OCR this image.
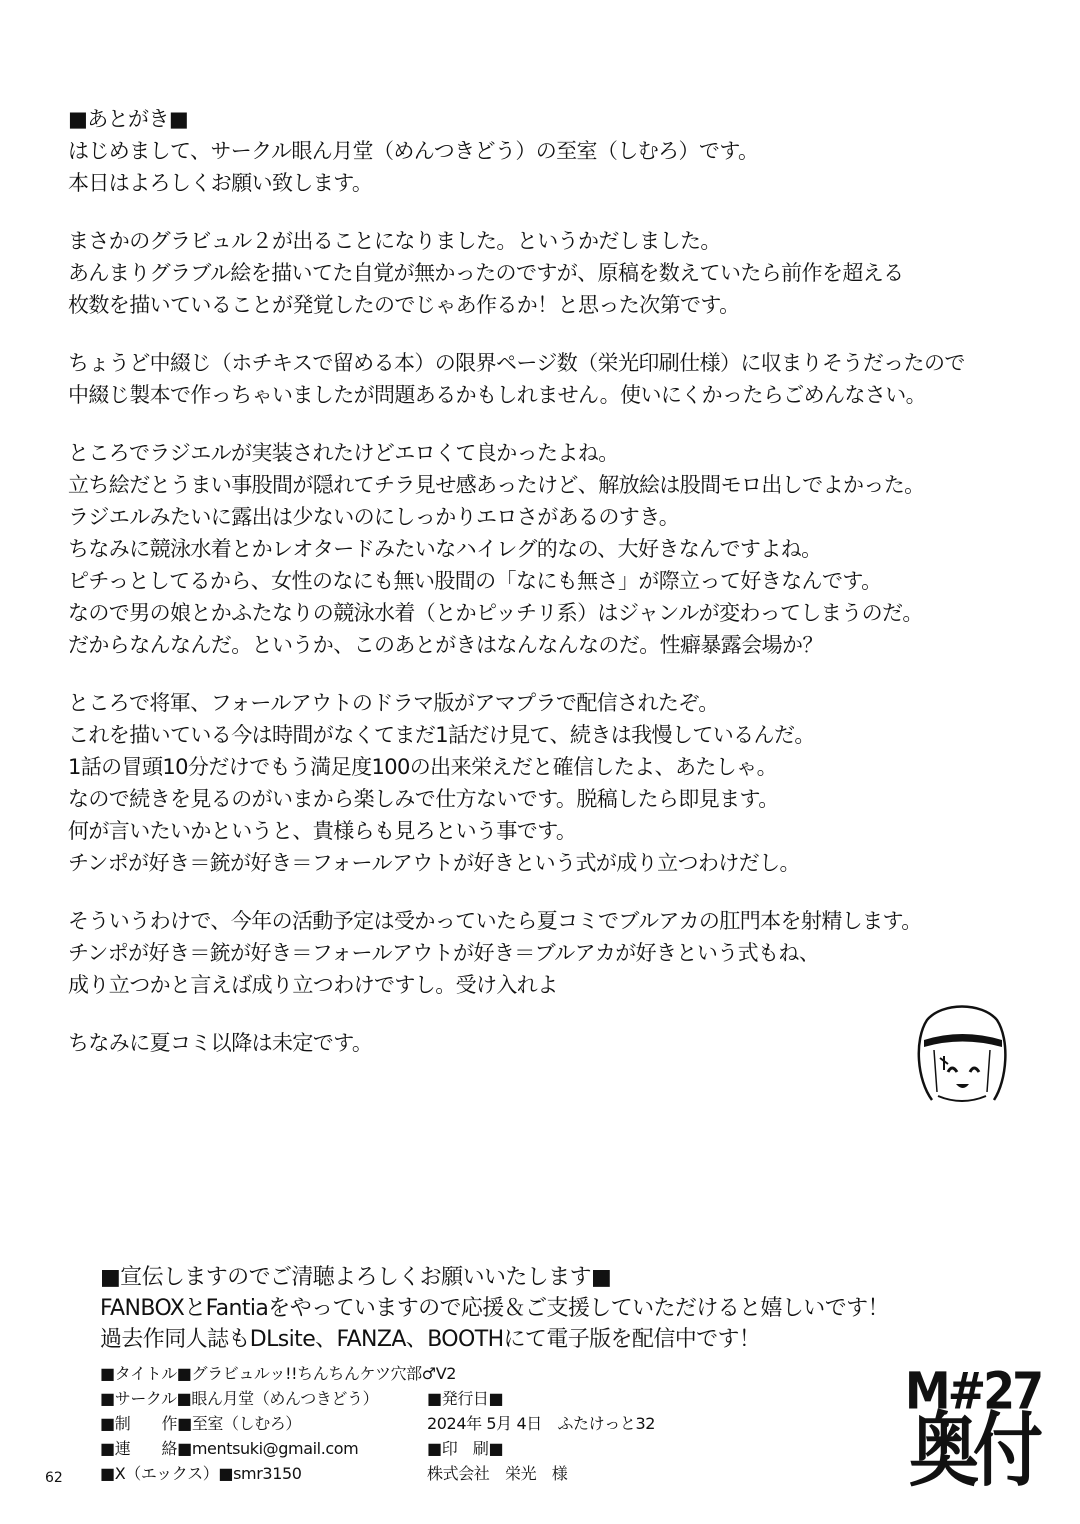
■あとがき■
はじめまして、サークル眼ん月堂（めんつきどう）の至室（しむろ）です。
本日はよろしくお願い致します。
まさかのグラビュル２が出ることになりました。というかだしました。
あんまりグラブル絵を描いてた自覚が無かったのですが、原稿を数えていたら前作を超える
枚数を描いていることが発覚したのでじゃあ作るか！と思った次第です。
ちょうど中綴じ（ホチキスで留める本）の限界ページ数（栄光印刷仕様）に収まりそうだったので
中綴じ製本で作っちゃいましたが問題あるかもしれません。使いにくかったらごめんなさい。
ところでラジエルが実装されたけどエロくて良かったよね。
立ち絵だとうまい事股間が隠れてチラ見せ感あったけど、解放絵は股間モロ出しでよかった。
ラジエルみたいに露出は少ないのにしっかりエロさがあるのすき。
ちなみに競泳水着とかレオタードみたいなハイレグ的なの、大好きなんですよね。
ピチっとしてるから、女性のなにも無い股間の「なにも無さ」が際立って好きなんです。
なので男の娘とかふたなりの競泳水着（とかピッチリ系）はジャンルが変わってしまうのだ。
だからなんなんだ。というか、このあとがきはなんなんなのだ。性癖暴露会場か？
ところで将軍、フォールアウトのドラマ版がアマプラで配信されたぞ。
これを描いている今は時間がなくてまだ1話だけ見て、続きは我慢しているんだ。
1話の冒頭10分だけでもう満足度100の出来栄えだと確信したよ、あたしゃ。
なので続きを見るのがいまから楽しみで仕方ないです。脱稿したら即見ます。
何が言いたいかというと、貴様らも見ろという事です。
チンポが好き＝銃が好き＝フォールアウトが好きという式が成り立つわけだし。
そういうわけで、今年の活動予定は受かっていたら夏コミでブルアカの肛門本を射精します。
チンポが好き＝銃が好き＝フォールアウトが好き＝ブルアカが好きという式もね、
成り立つかと言えば成り立つわけですし。受け入れよ
ちなみに夏コミ以降は未定です。
■宣伝しますのでご清聴よろしくお願いいたします■
FANBOXとFantiaをやっていますので応援＆ご支援していただけると嬉しいです！
過去作同人誌もDLsite、FANZA、BOOTHにて電子版を配信中です！
■タイトル■グラビュルッ!!ちんちんケツ穴部♂V2
■サークル■眼ん月堂（めんつきどう）
■制　　作■至室（しむろ）
■連　　絡■mentsuki@gmail.com
■X（エックス）■smr3150
■発行日■
2024年 5月 4日　ふたけっと32
■印　刷■
株式会社　栄光　様
M#27
奥付
62
